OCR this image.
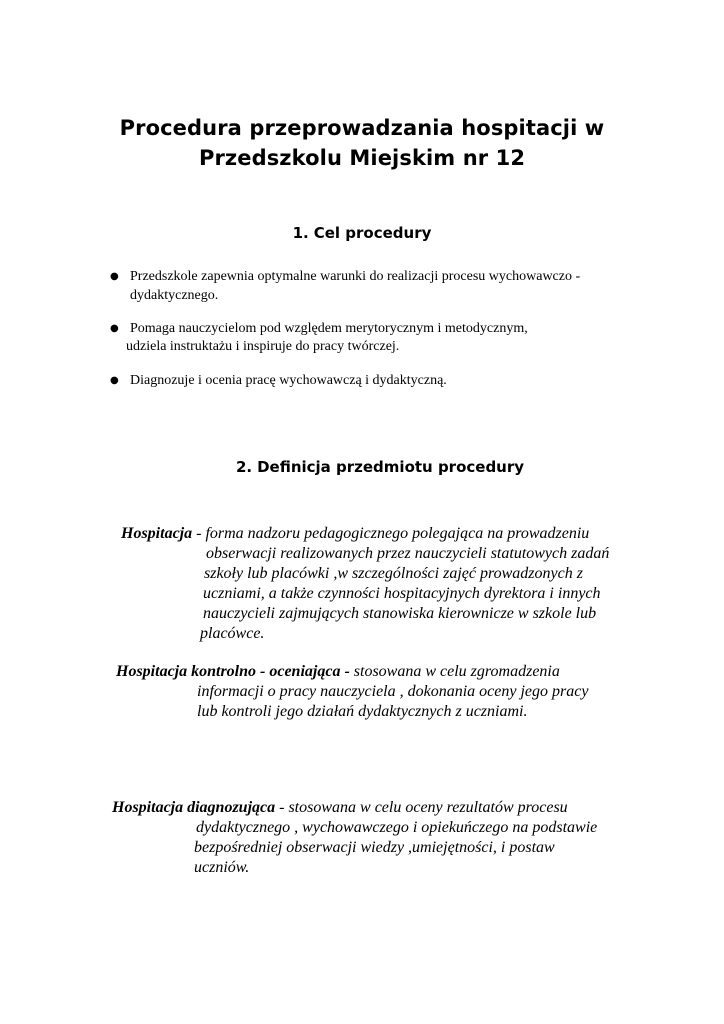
Procedura przeprowadzania hospitacji w
Przedszkolu Miejskim nr 12
1. Cel procedury
● Przedszkole zapewnia optymalne warunki do realizacji procesu wychowawczo -
dydaktycznego.
● Pomaga nauczycielom pod względem merytorycznym i metodycznym,
udziela instruktażu i inspiruje do pracy twórczej.
● Diagnozuje i ocenia pracę wychowawczą i dydaktyczną.
2. Definicja przedmiotu procedury
Hospitacja - forma nadzoru pedagogicznego polegająca na prowadzeniu
obserwacji realizowanych przez nauczycieli statutowych zadań
szkoły lub placówki ,w szczególności zajęć prowadzonych z
uczniami, a także czynności hospitacyjnych dyrektora i innych
nauczycieli zajmujących stanowiska kierownicze w szkole lub
placówce.
Hospitacja kontrolno - oceniająca - stosowana w celu zgromadzenia
informacji o pracy nauczyciela , dokonania oceny jego pracy
lub kontroli jego działań dydaktycznych z uczniami.
Hospitacja diagnozująca - stosowana w celu oceny rezultatów procesu
dydaktycznego , wychowawczego i opiekuńczego na podstawie
bezpośredniej obserwacji wiedzy ,umiejętności, i postaw
uczniów.
